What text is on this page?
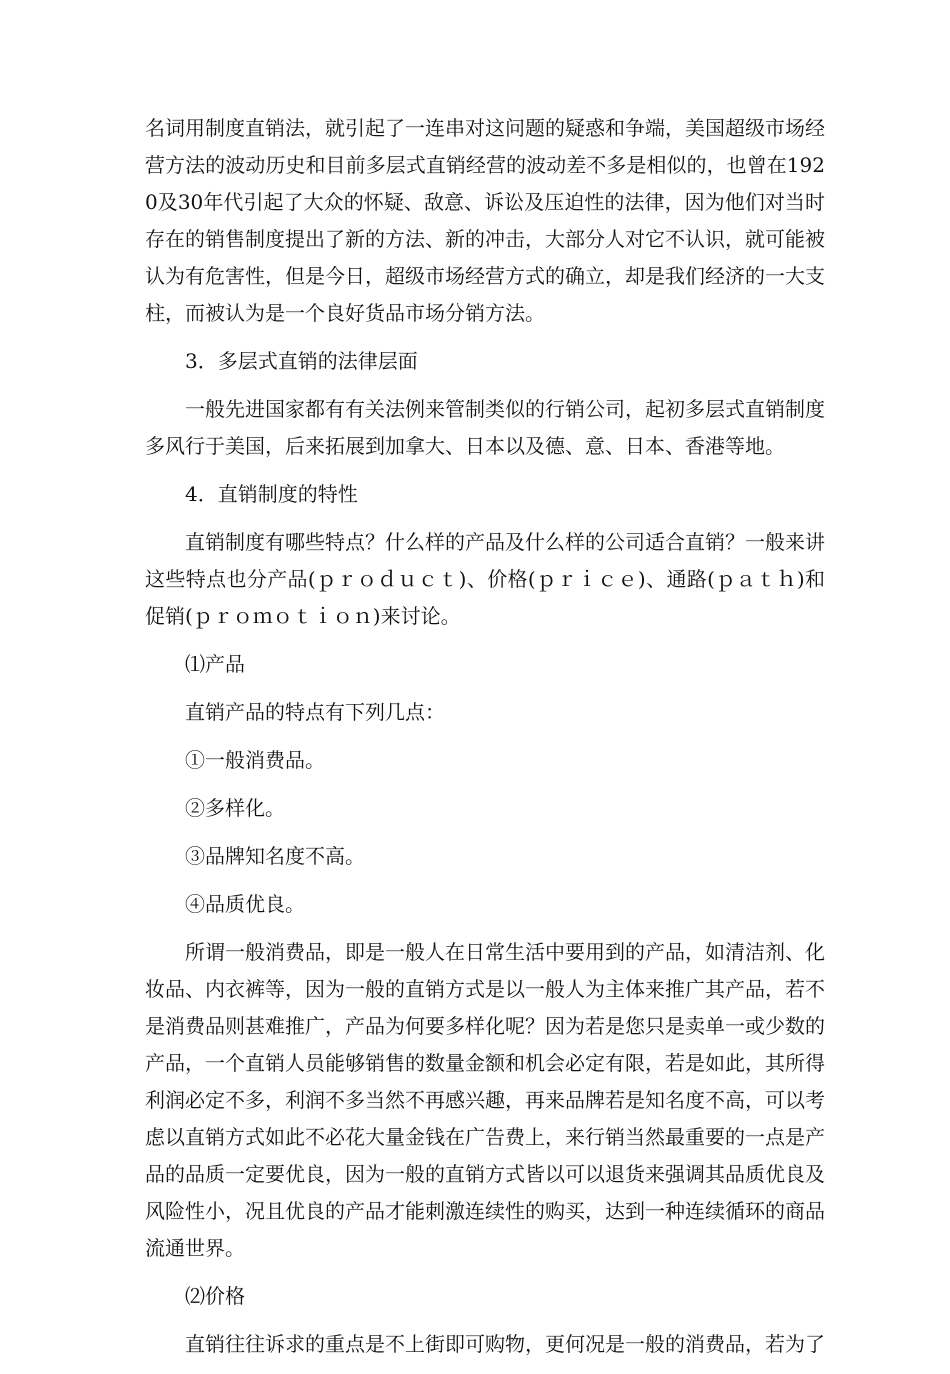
名词用制度直销法，就引起了一连串对这问题的疑惑和争端，美国超级市场经营方法的波动历史和目前多层式直销经营的波动差不多是相似的，也曾在1920及30年代引起了大众的怀疑、敌意、诉讼及压迫性的法律，因为他们对当时存在的销售制度提出了新的方法、新的冲击，大部分人对它不认识，就可能被认为有危害性，但是今日，超级市场经营方式的确立，却是我们经济的一大支柱，而被认为是一个良好货品市场分销方法。

3．多层式直销的法律层面

一般先进国家都有有关法例来管制类似的行销公司，起初多层式直销制度多风行于美国，后来拓展到加拿大、日本以及德、意、日本、香港等地。

4．直销制度的特性

直销制度有哪些特点？什么样的产品及什么样的公司适合直销？一般来讲这些特点也分产品(ｐｒｏｄｕｃｔ)、价格(ｐｒｉｃｅ)、通路(ｐａｔｈ)和促销(ｐｒｏｍｏｔｉｏｎ)来讨论。

⑴产品

直销产品的特点有下列几点：

①一般消费品。

②多样化。

③品牌知名度不高。

④品质优良。

所谓一般消费品，即是一般人在日常生活中要用到的产品，如清洁剂、化妆品、内衣裤等，因为一般的直销方式是以一般人为主体来推广其产品，若不是消费品则甚难推广，产品为何要多样化呢？因为若是您只是卖单一或少数的产品，一个直销人员能够销售的数量金额和机会必定有限，若是如此，其所得利润必定不多，利润不多当然不再感兴趣，再来品牌若是知名度不高，可以考虑以直销方式如此不必花大量金钱在广告费上，来行销当然最重要的一点是产品的品质一定要优良，因为一般的直销方式皆以可以退货来强调其品质优良及风险性小，况且优良的产品才能刺激连续性的购买，达到一种连续循环的商品流通世界。

⑵价格

直销往往诉求的重点是不上街即可购物，更何况是一般的消费品，若为了
